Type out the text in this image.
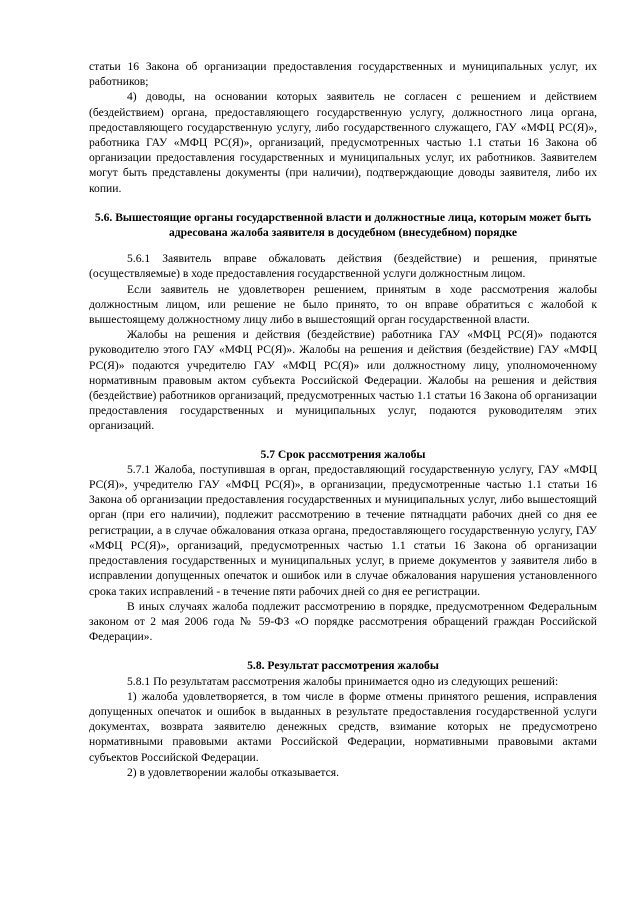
статьи 16 Закона об организации предоставления государственных и муниципальных услуг, их работников;

4) доводы, на основании которых заявитель не согласен с решением и действием (бездействием) органа, предоставляющего государственную услугу, должностного лица органа, предоставляющего государственную услугу, либо государственного служащего, ГАУ «МФЦ РС(Я)», работника ГАУ «МФЦ РС(Я)», организаций, предусмотренных частью 1.1 статьи 16 Закона об организации предоставления государственных и муниципальных услуг, их работников. Заявителем могут быть представлены документы (при наличии), подтверждающие доводы заявителя, либо их копии.

5.6. Вышестоящие органы государственной власти и должностные лица, которым может быть адресована жалоба заявителя в досудебном (внесудебном) порядке

5.6.1 Заявитель вправе обжаловать действия (бездействие) и решения, принятые (осуществляемые) в ходе предоставления государственной услуги должностным лицом.

Если заявитель не удовлетворен решением, принятым в ходе рассмотрения жалобы должностным лицом, или решение не было принято, то он вправе обратиться с жалобой к вышестоящему должностному лицу либо в вышестоящий орган государственной власти.

Жалобы на решения и действия (бездействие) работника ГАУ «МФЦ РС(Я)» подаются руководителю этого ГАУ «МФЦ РС(Я)». Жалобы на решения и действия (бездействие) ГАУ «МФЦ РС(Я)» подаются учредителю ГАУ «МФЦ РС(Я)» или должностному лицу, уполномоченному нормативным правовым актом субъекта Российской Федерации. Жалобы на решения и действия (бездействие) работников организаций, предусмотренных частью 1.1 статьи 16 Закона об организации предоставления государственных и муниципальных услуг, подаются руководителям этих организаций.

5.7 Срок рассмотрения жалобы

5.7.1 Жалоба, поступившая в орган, предоставляющий государственную услугу, ГАУ «МФЦ РС(Я)», учредителю ГАУ «МФЦ РС(Я)», в организации, предусмотренные частью 1.1 статьи 16 Закона об организации предоставления государственных и муниципальных услуг, либо вышестоящий орган (при его наличии), подлежит рассмотрению в течение пятнадцати рабочих дней со дня ее регистрации, а в случае обжалования отказа органа, предоставляющего государственную услугу, ГАУ «МФЦ РС(Я)», организаций, предусмотренных частью 1.1 статьи 16 Закона об организации предоставления государственных и муниципальных услуг, в приеме документов у заявителя либо в исправлении допущенных опечаток и ошибок или в случае обжалования нарушения установленного срока таких исправлений - в течение пяти рабочих дней со дня ее регистрации.

В иных случаях жалоба подлежит рассмотрению в порядке, предусмотренном Федеральным законом от 2 мая 2006 года № 59-ФЗ «О порядке рассмотрения обращений граждан Российской Федерации».

5.8. Результат рассмотрения жалобы

5.8.1 По результатам рассмотрения жалобы принимается одно из следующих решений:

1) жалоба удовлетворяется, в том числе в форме отмены принятого решения, исправления допущенных опечаток и ошибок в выданных в результате предоставления государственной услуги документах, возврата заявителю денежных средств, взимание которых не предусмотрено нормативными правовыми актами Российской Федерации, нормативными правовыми актами субъектов Российской Федерации.

2) в удовлетворении жалобы отказывается.
